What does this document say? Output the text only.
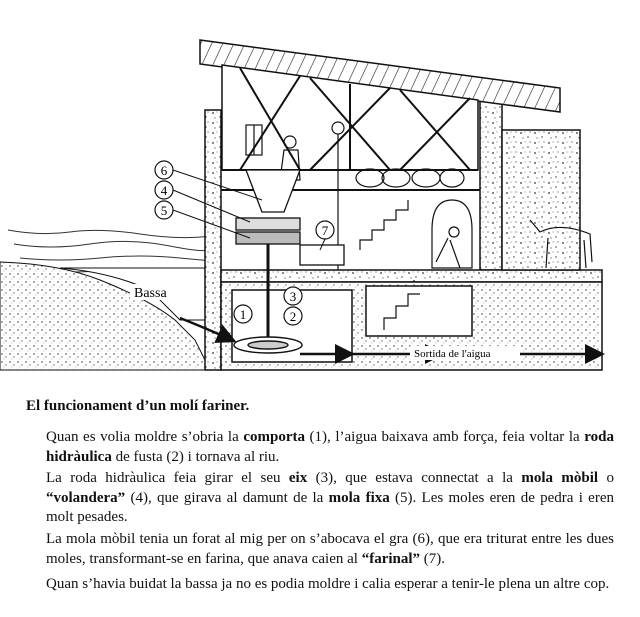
6
4
5
7
3
2
1
Bassa
Sortida de l'aigua
El funcionament d’un molí fariner.

Quan es volia moldre s’obria la comporta (1), l’aigua baixava amb força, feia voltar la roda hidràulica de fusta (2) i tornava al riu.

La roda hidràulica feia girar el seu eix (3), que estava connectat a la mola mòbil o “volandera” (4), que girava al damunt de la mola fixa (5). Les moles eren de pedra i eren molt pesades.

La mola mòbil tenia un forat al mig per on s’abocava el gra (6), que era triturat entre les dues moles, transformant-se en farina, que anava caien al “farinal” (7).

Quan s’havia buidat la bassa ja no es podia moldre i calia esperar a tenir-le plena un altre cop.
